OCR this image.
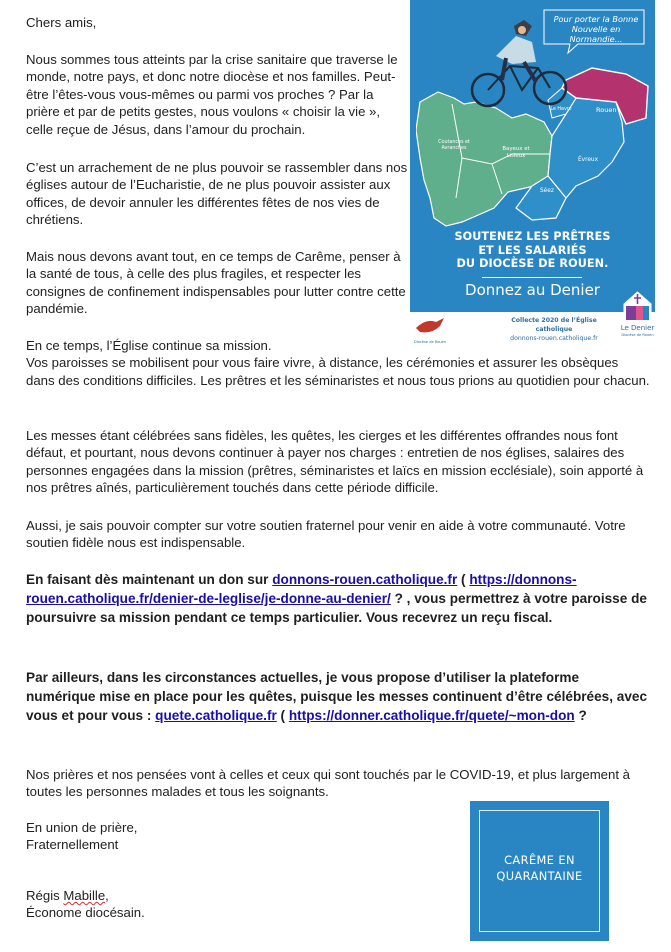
Chers amis,

Nous sommes tous atteints par la crise sanitaire que traverse le monde, notre pays, et donc notre diocèse et nos familles. Peut-être l’êtes-vous vous-mêmes ou parmi vos proches ? Par la prière et par de petits gestes, nous voulons « choisir la vie », celle reçue de Jésus, dans l’amour du prochain.

C’est un arrachement de ne plus pouvoir se rassembler dans nos églises autour de l’Eucharistie, de ne plus pouvoir assister aux offices, de devoir annuler les différentes fêtes de nos vies de chrétiens.

Mais nous devons avant tout, en ce temps de Carême, penser à la santé de tous, à celle des plus fragiles, et respecter les consignes de confinement indispensables pour lutter contre cette pandémie.

En ce temps, l’Église continue sa mission.
Vos paroisses se mobilisent pour vous faire vivre, à distance, les cérémonies et assurer les obsèques dans des conditions difficiles. Les prêtres et les séminaristes et nous tous prions au quotidien pour chacun.

Les messes étant célébrées sans fidèles, les quêtes, les cierges et les différentes offrandes nous font défaut, et pourtant, nous devons continuer à payer nos charges : entretien de nos églises, salaires des personnes engagées dans la mission (prêtres, séminaristes et laïcs en mission ecclésiale), soin apporté à nos prêtres aînés, particulièrement touchés dans cette période difficile.

Aussi, je sais pouvoir compter sur votre soutien fraternel pour venir en aide à votre communauté. Votre soutien fidèle nous est indispensable.

En faisant dès maintenant un don sur donnons-rouen.catholique.fr ( https://donnons-rouen.catholique.fr/denier-de-leglise/je-donne-au-denier/ ? , vous permettrez à votre paroisse de poursuivre sa mission pendant ce temps particulier. Vous recevrez un reçu fiscal.

Par ailleurs, dans les circonstances actuelles, je vous propose d’utiliser la plateforme numérique mise en place pour les quêtes, puisque les messes continuent d’être célébrées, avec vous et pour vous : quete.catholique.fr ( https://donner.catholique.fr/quete/~mon-don ?

Nos prières et nos pensées vont à celles et ceux qui sont touchés par le COVID-19, et plus largement à toutes les personnes malades et tous les soignants.

En union de prière,
Fraternellement

Régis Mabille,
Économe diocésain.

Pour porter la Bonne Nouvelle en Normandie...
Rouen
Le Havre
Coutances et Avranches	Bayeux et Lisieux
Évreux
Séez
SOUTENEZ LES PRÊTRES
ET LES SALARIÉS
DU DIOCÈSE DE ROUEN.
Donnez au Denier
Diocèse de Rouen
Collecte 2020 de l’Église catholique
donnons-rouen.catholique.fr
Le Denier
Diocèse de Rouen
CARÊME EN
QUARANTAINE
